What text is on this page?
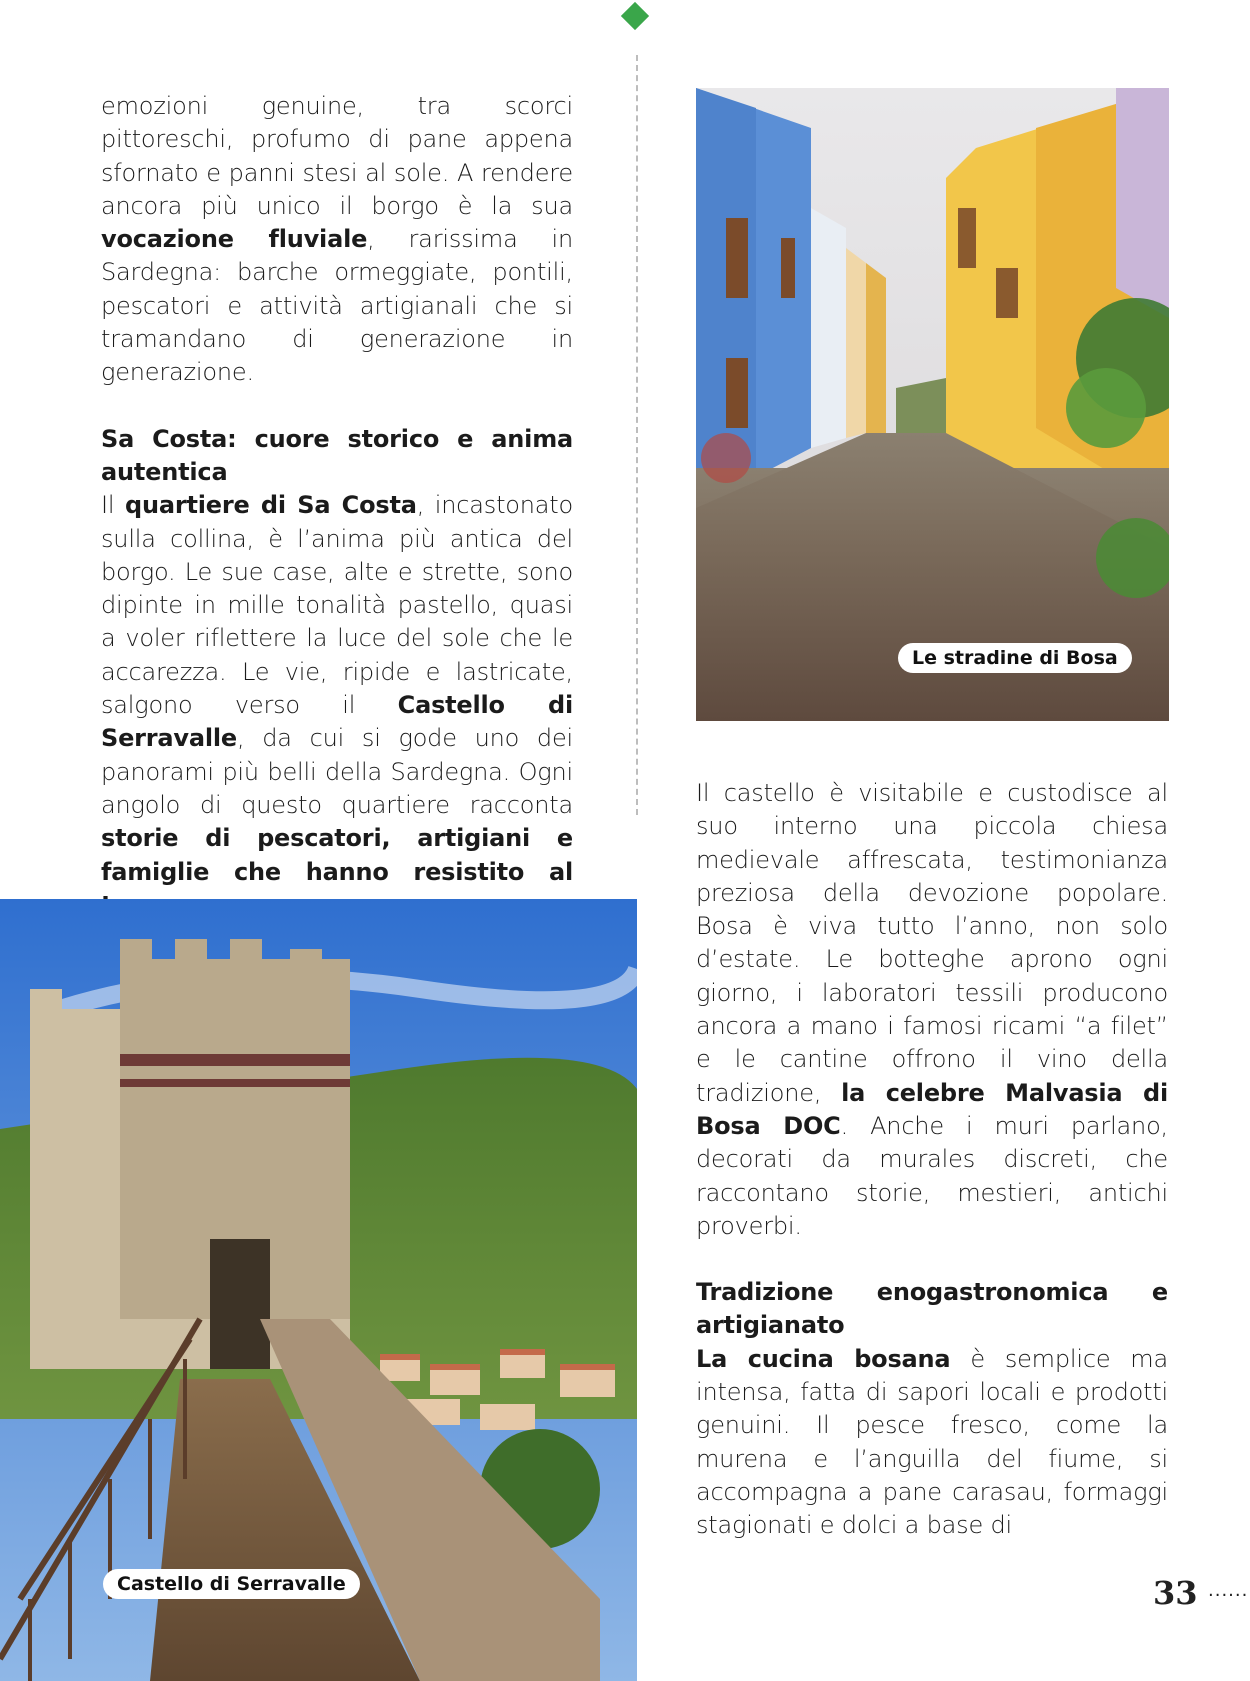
emozioni genuine, tra scorci pittoreschi, profumo di pane appena sfornato e panni stesi al sole. A rendere ancora più unico il borgo è la sua vocazione fluviale, rarissima in Sardegna: barche ormeggiate, pontili, pescatori e attività artigianali che si tramandano di generazione in generazione.

Sa Costa: cuore storico e anima autentica

Il quartiere di Sa Costa, incastonato sulla collina, è l’anima più antica del borgo. Le sue case, alte e strette, sono dipinte in mille tonalità pastello, quasi a voler riflettere la luce del sole che le accarezza. Le vie, ripide e lastricate, salgono verso il Castello di Serravalle, da cui si gode uno dei panorami più belli della Sardegna. Ogni angolo di questo quartiere racconta storie di pescatori, artigiani e famiglie che hanno resistito al

Le stradine di Bosa

Il castello è visitabile e custodisce al suo interno una piccola chiesa medievale affrescata, testimonianza preziosa della devozione popolare. Bosa è viva tutto l’anno, non solo d’estate. Le botteghe aprono ogni giorno, i laboratori tessili producono ancora a mano i famosi ricami “a filet” e le cantine offrono il vino della tradizione, la celebre Malvasia di Bosa DOC. Anche i muri parlano, decorati da murales discreti, che raccontano storie, mestieri, antichi proverbi.

Tradizione enogastronomica e artigianato

La cucina bosana è semplice ma intensa, fatta di sapori locali e prodotti genuini. Il pesce fresco, come la murena e l’anguilla del fiume, si accompagna a pane carasau, formaggi stagionati e dolci a base di

Castello di Serravalle	33 ......
